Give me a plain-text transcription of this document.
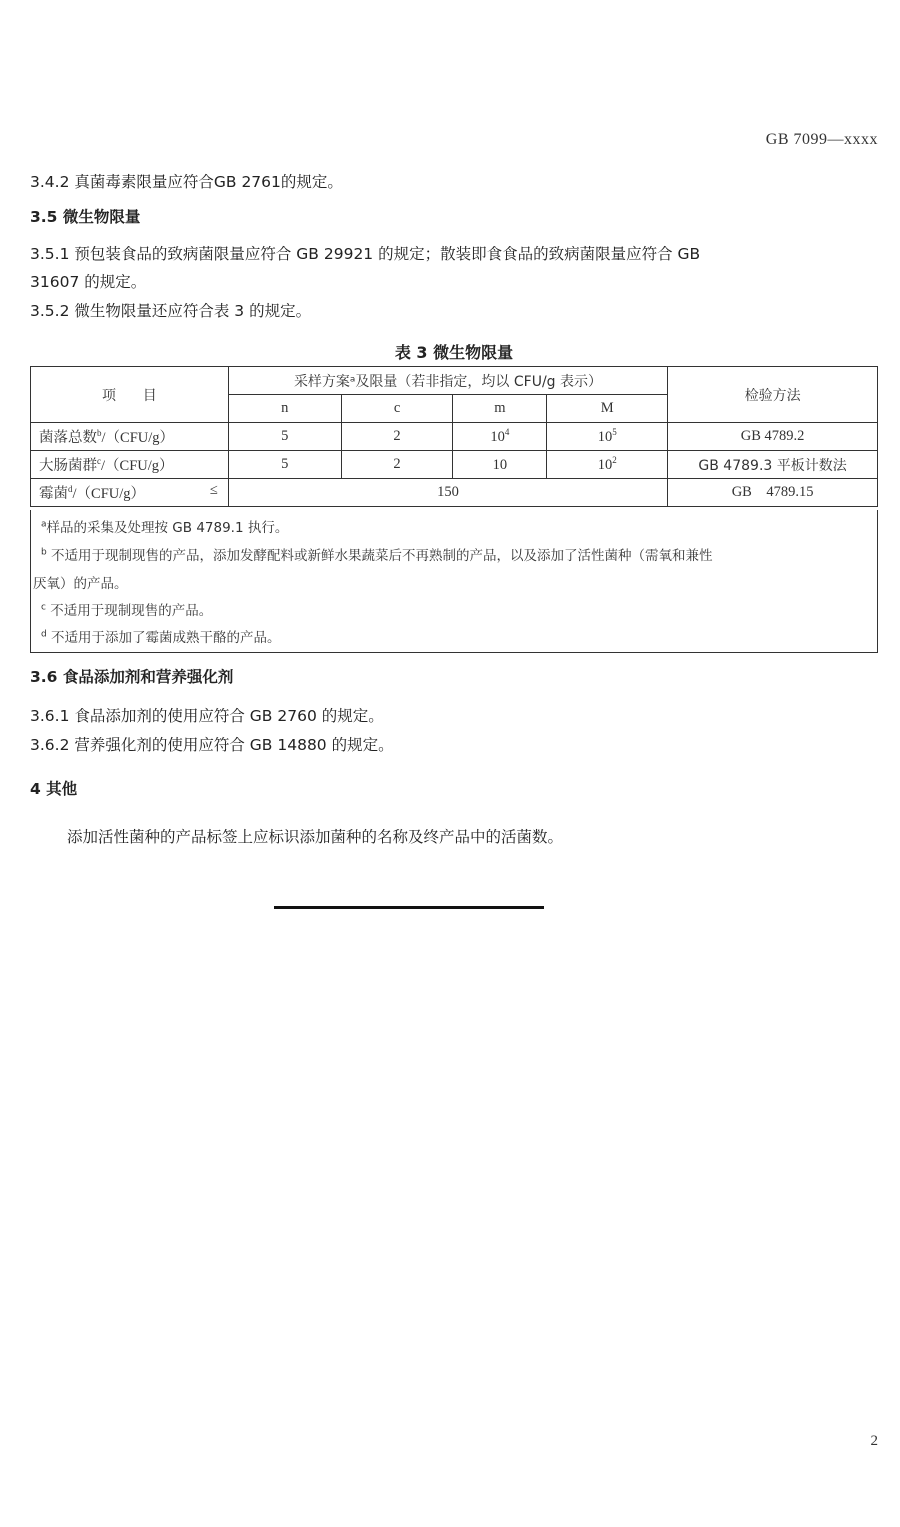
GB 7099—xxxx
3.4.2 真菌毒素限量应符合GB 2761的规定。
3.5 微生物限量
3.5.1 预包装食品的致病菌限量应符合 GB 29921 的规定；散装即食食品的致病菌限量应符合 GB
31607 的规定。
3.5.2 微生物限量还应符合表 3 的规定。
表 3 微生物限量
项      目	采样方案ᵃ及限量（若非指定，均以 CFU/g 表示）				检验方法
	n	c	m	M	
菌落总数$^b$/（CFU/g）	5	2	$10^4$	$10^5$	GB 4789.2
大肠菌群$^c$/（CFU/g）	5	2	10	$10^2$	GB 4789.3 平板计数法
霉菌$^d$/（CFU/g） ≤	150				GB    4789.15
$^a$样品的采集及处理按 GB 4789.1 执行。
$^b$ 不适用于现制现售的产品，添加发酵配料或新鲜水果蔬菜后不再熟制的产品，以及添加了活性菌种（需氧和兼性
厌氧）的产品。
$^c$ 不适用于现制现售的产品。
$^d$ 不适用于添加了霉菌成熟干酪的产品。
3.6 食品添加剂和营养强化剂
3.6.1 食品添加剂的使用应符合 GB 2760 的规定。
3.6.2 营养强化剂的使用应符合 GB 14880 的规定。
4 其他
添加活性菌种的产品标签上应标识添加菌种的名称及终产品中的活菌数。
2
